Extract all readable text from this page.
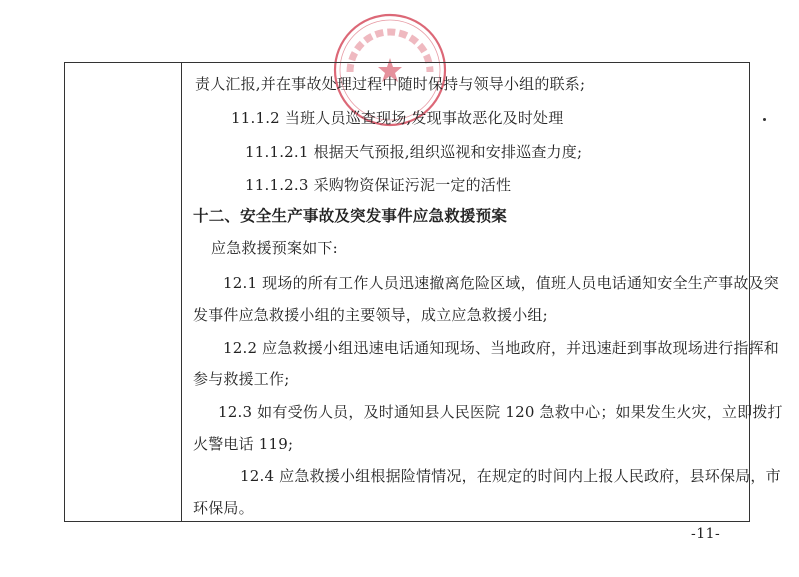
责人汇报,并在事故处理过程中随时保持与领导小组的联系;
11.1.2 当班人员巡查现场,发现事故恶化及时处理
11.1.2.1 根据天气预报,组织巡视和安排巡查力度;
11.1.2.3 采购物资保证污泥一定的活性
十二、安全生产事故及突发事件应急救援预案
应急救援预案如下:
12.1 现场的所有工作人员迅速撤离危险区域，值班人员电话通知安全生产事故及突
发事件应急救援小组的主要领导，成立应急救援小组;
12.2 应急救援小组迅速电话通知现场、当地政府，并迅速赶到事故现场进行指挥和
参与救援工作;
12.3 如有受伤人员，及时通知县人民医院 120 急救中心；如果发生火灾，立即拨打
火警电话 119;
12.4 应急救援小组根据险情情况，在规定的时间内上报人民政府，县环保局，市
环保局。
-11-
